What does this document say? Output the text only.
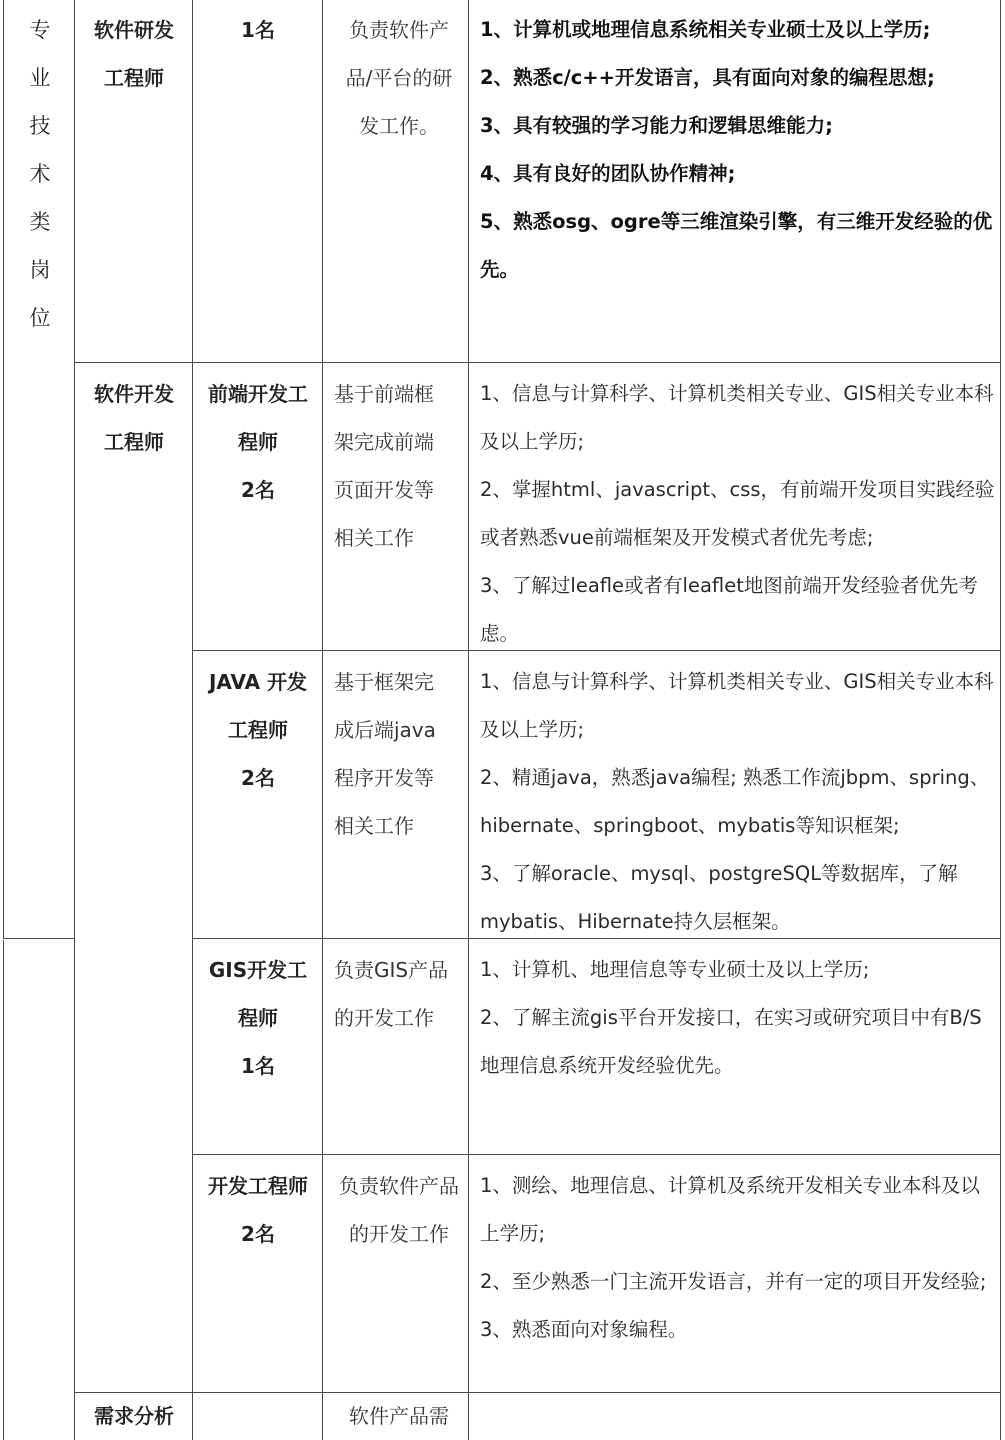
专业技术类岗位
软件研发工程师
1名	负责软件产品/平台的研发工作。

1、计算机或地理信息系统相关专业硕士及以上学历;

2、熟悉c/c++开发语言，具有面向对象的编程思想;

3、具有较强的学习能力和逻辑思维能力;

4、具有良好的团队协作精神;

5、熟悉osg、ogre等三维渲染引擎，有三维开发经验的优先。

软件开发工程师
前端开发工程师
2名
基于前端框架完成前端页面开发等相关工作

1、信息与计算科学、计算机类相关专业、GIS相关专业本科及以上学历;

2、掌握html、javascript、css，有前端开发项目实践经验或者熟悉vue前端框架及开发模式者优先考虑;

3、了解过leafle或者有leaflet地图前端开发经验者优先考虑。

JAVA 开发工程师
2名
基于框架完成后端java程序开发等相关工作

1、信息与计算科学、计算机类相关专业、GIS相关专业本科及以上学历;

2、精通java，熟悉java编程; 熟悉工作流jbpm、spring、hibernate、springboot、mybatis等知识框架;

3、了解oracle、mysql、postgreSQL等数据库，了解mybatis、Hibernate持久层框架。

GIS开发工程师
1名
负责GIS产品的开发工作

1、计算机、地理信息等专业硕士及以上学历;

2、了解主流gis平台开发接口，在实习或研究项目中有B/S地理信息系统开发经验优先。

开发工程师
2名
负责软件产品的开发工作

1、测绘、地理信息、计算机及系统开发相关专业本科及以上学历;

2、至少熟悉一门主流开发语言，并有一定的项目开发经验;

3、熟悉面向对象编程。

需求分析	软件产品需
